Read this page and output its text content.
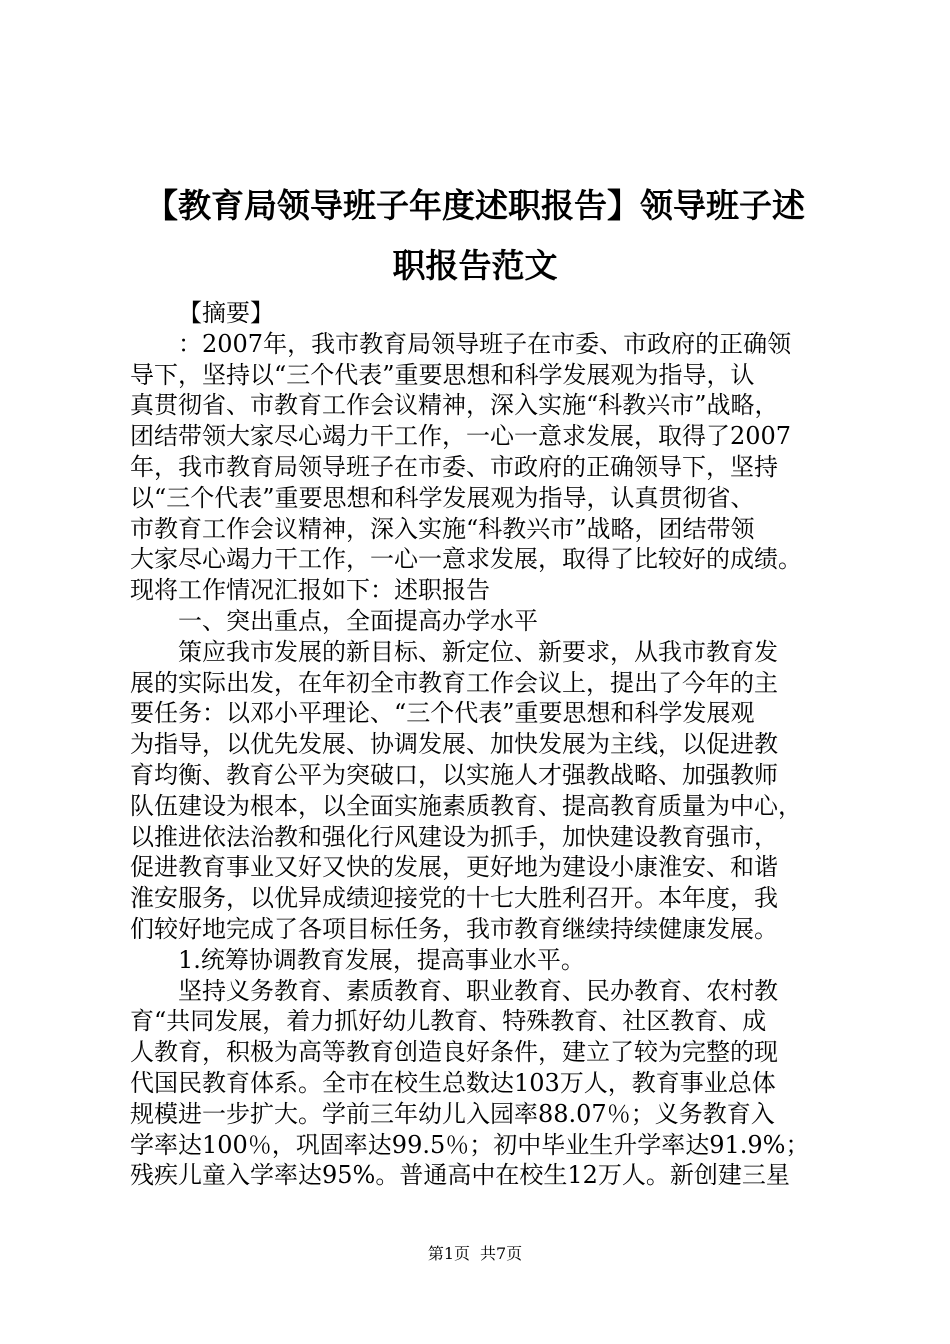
【教育局领导班子年度述职报告】领导班子述
职报告范文
【摘要】
：2007年，我市教育局领导班子在市委、市政府的正确领
导下，坚持以“三个代表”重要思想和科学发展观为指导，认
真贯彻省、市教育工作会议精神，深入实施“科教兴市”战略，
团结带领大家尽心竭力干工作，一心一意求发展，取得了2007
年，我市教育局领导班子在市委、市政府的正确领导下，坚持
以“三个代表”重要思想和科学发展观为指导，认真贯彻省、
市教育工作会议精神，深入实施“科教兴市”战略，团结带领
大家尽心竭力干工作，一心一意求发展，取得了比较好的成绩。
现将工作情况汇报如下：述职报告
一、突出重点，全面提高办学水平
策应我市发展的新目标、新定位、新要求，从我市教育发
展的实际出发，在年初全市教育工作会议上，提出了今年的主
要任务：以邓小平理论、“三个代表”重要思想和科学发展观
为指导，以优先发展、协调发展、加快发展为主线，以促进教
育均衡、教育公平为突破口，以实施人才强教战略、加强教师
队伍建设为根本，以全面实施素质教育、提高教育质量为中心，
以推进依法治教和强化行风建设为抓手，加快建设教育强市，
促进教育事业又好又快的发展，更好地为建设小康淮安、和谐
淮安服务，以优异成绩迎接党的十七大胜利召开。本年度，我
们较好地完成了各项目标任务，我市教育继续持续健康发展。
1.统筹协调教育发展，提高事业水平。
坚持义务教育、素质教育、职业教育、民办教育、农村教
育“共同发展，着力抓好幼儿教育、特殊教育、社区教育、成
人教育，积极为高等教育创造良好条件，建立了较为完整的现
代国民教育体系。全市在校生总数达103万人，教育事业总体
规模进一步扩大。学前三年幼儿入园率88.07％；义务教育入
学率达100％，巩固率达99.5％；初中毕业生升学率达91.9%；
残疾儿童入学率达95%。普通高中在校生12万人。新创建三星
第1页 共7页
